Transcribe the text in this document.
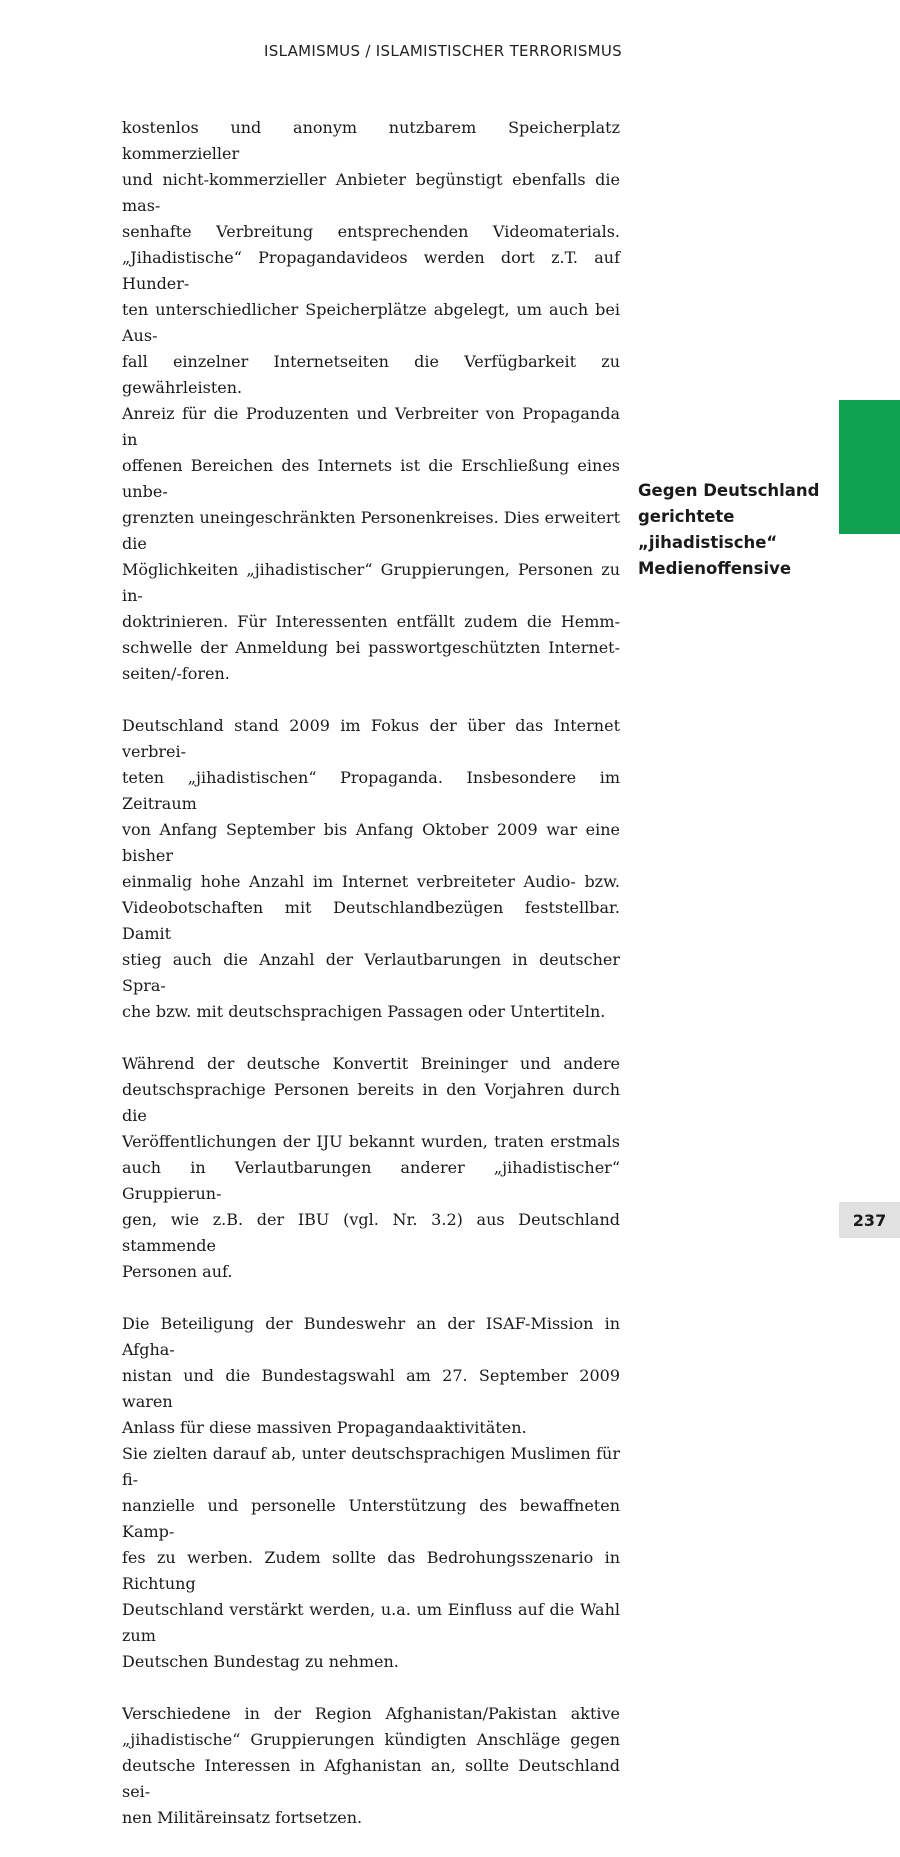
ISLAMISMUS / ISLAMISTISCHER TERRORISMUS

kostenlos und anonym nutzbarem Speicherplatz kommerzieller
und nicht-kommerzieller Anbieter begünstigt ebenfalls die mas-
senhafte Verbreitung entsprechenden Videomaterials.
„Jihadistische“ Propagandavideos werden dort z.T. auf Hunder-
ten unterschiedlicher Speicherplätze abgelegt, um auch bei Aus-
fall einzelner Internetseiten die Verfügbarkeit zu gewährleisten.
Anreiz für die Produzenten und Verbreiter von Propaganda in
offenen Bereichen des Internets ist die Erschließung eines unbe-
grenzten uneingeschränkten Personenkreises. Dies erweitert die
Möglichkeiten „jihadistischer“ Gruppierungen, Personen zu in-
doktrinieren. Für Interessenten entfällt zudem die Hemm-
schwelle der Anmeldung bei passwortgeschützten Internet-
seiten/-foren.

Deutschland stand 2009 im Fokus der über das Internet verbrei-
teten „jihadistischen“ Propaganda. Insbesondere im Zeitraum
von Anfang September bis Anfang Oktober 2009 war eine bisher
einmalig hohe Anzahl im Internet verbreiteter Audio- bzw.
Videobotschaften mit Deutschlandbezügen feststellbar. Damit
stieg auch die Anzahl der Verlautbarungen in deutscher Spra-
che bzw. mit deutschsprachigen Passagen oder Untertiteln.

Während der deutsche Konvertit Breininger und andere
deutschsprachige Personen bereits in den Vorjahren durch die
Veröffentlichungen der IJU bekannt wurden, traten erstmals
auch in Verlautbarungen anderer „jihadistischer“ Gruppierun-
gen, wie z.B. der IBU (vgl. Nr. 3.2) aus Deutschland stammende
Personen auf.

Die Beteiligung der Bundeswehr an der ISAF-Mission in Afgha-
nistan und die Bundestagswahl am 27. September 2009 waren
Anlass für diese massiven Propagandaaktivitäten.
Sie zielten darauf ab, unter deutschsprachigen Muslimen für fi-
nanzielle und personelle Unterstützung des bewaffneten Kamp-
fes zu werben. Zudem sollte das Bedrohungsszenario in Richtung
Deutschland verstärkt werden, u.a. um Einfluss auf die Wahl zum
Deutschen Bundestag zu nehmen.

Verschiedene in der Region Afghanistan/Pakistan aktive
„jihadistische“ Gruppierungen kündigten Anschläge gegen
deutsche Interessen in Afghanistan an, sollte Deutschland sei-
nen Militäreinsatz fortsetzen.

Gegen Deutschland
gerichtete
„jihadistische“
Medienoffensive
237
